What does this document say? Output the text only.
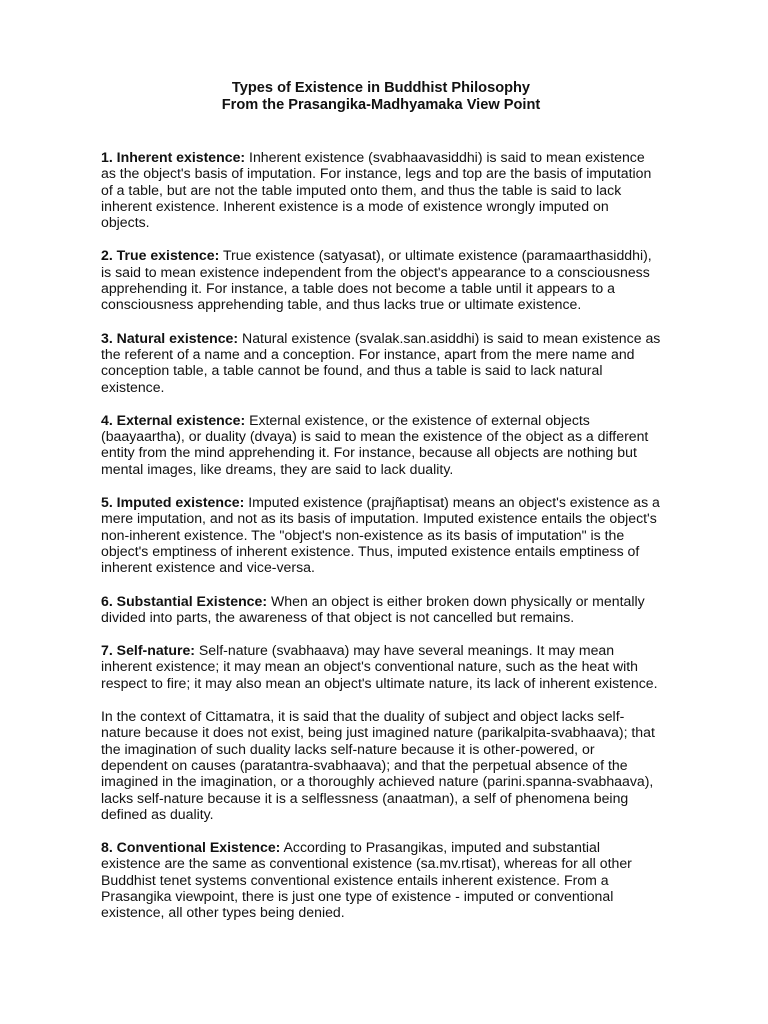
Types of Existence in Buddhist Philosophy

From the Prasangika-Madhyamaka View Point

1. Inherent existence: Inherent existence (svabhaavasiddhi) is said to mean existence as the object's basis of imputation. For instance, legs and top are the basis of imputation of a table, but are not the table imputed onto them, and thus the table is said to lack inherent existence. Inherent existence is a mode of existence wrongly imputed on objects.

2. True existence: True existence (satyasat), or ultimate existence (paramaarthasiddhi), is said to mean existence independent from the object's appearance to a consciousness apprehending it. For instance, a table does not become a table until it appears to a consciousness apprehending table, and thus lacks true or ultimate existence.

3. Natural existence: Natural existence (svalak.san.asiddhi) is said to mean existence as the referent of a name and a conception. For instance, apart from the mere name and conception table, a table cannot be found, and thus a table is said to lack natural existence.

4. External existence: External existence, or the existence of external objects (baayaartha), or duality (dvaya) is said to mean the existence of the object as a different entity from the mind apprehending it. For instance, because all objects are nothing but mental images, like dreams, they are said to lack duality.

5. Imputed existence: Imputed existence (prajñaptisat) means an object's existence as a mere imputation, and not as its basis of imputation. Imputed existence entails the object's non-inherent existence. The "object's non-existence as its basis of imputation" is the object's emptiness of inherent existence. Thus, imputed existence entails emptiness of inherent existence and vice-versa.

6. Substantial Existence: When an object is either broken down physically or mentally divided into parts, the awareness of that object is not cancelled but remains.

7. Self-nature: Self-nature (svabhaava) may have several meanings. It may mean inherent existence; it may mean an object's conventional nature, such as the heat with respect to fire; it may also mean an object's ultimate nature, its lack of inherent existence.

In the context of Cittamatra, it is said that the duality of subject and object lacks self-nature because it does not exist, being just imagined nature (parikalpita-svabhaava); that the imagination of such duality lacks self-nature because it is other-powered, or dependent on causes (paratantra-svabhaava); and that the perpetual absence of the imagined in the imagination, or a thoroughly achieved nature (parini.spanna-svabhaava), lacks self-nature because it is a selflessness (anaatman), a self of phenomena being defined as duality.

8. Conventional Existence: According to Prasangikas, imputed and substantial existence are the same as conventional existence (sa.mv.rtisat), whereas for all other Buddhist tenet systems conventional existence entails inherent existence. From a Prasangika viewpoint, there is just one type of existence - imputed or conventional existence, all other types being denied.
